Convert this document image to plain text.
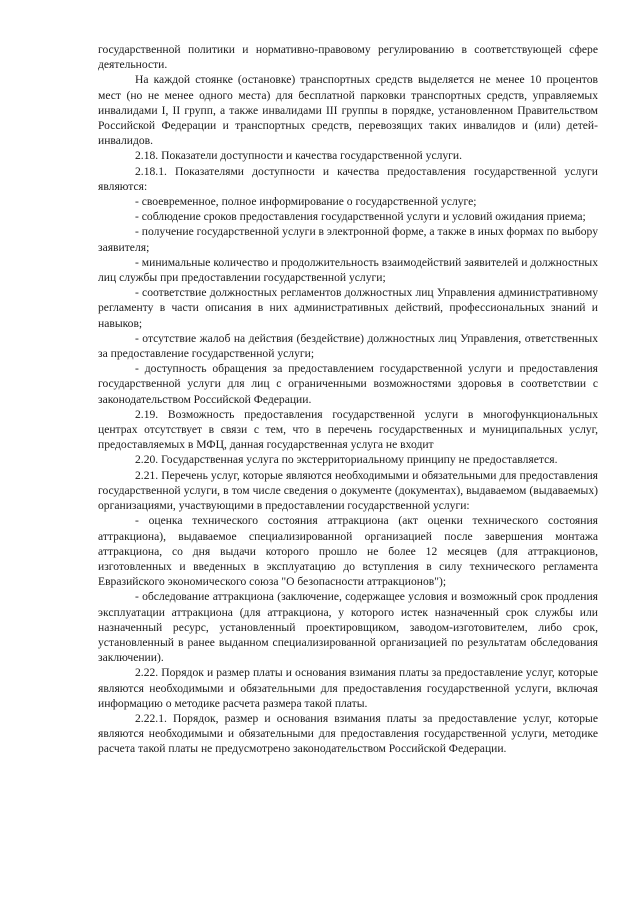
государственной политики и нормативно-правовому регулированию в соответствующей сфере деятельности.

На каждой стоянке (остановке) транспортных средств выделяется не менее 10 процентов мест (но не менее одного места) для бесплатной парковки транспортных средств, управляемых инвалидами I, II групп, а также инвалидами III группы в порядке, установленном Правительством Российской Федерации и транспортных средств, перевозящих таких инвалидов и (или) детей-инвалидов.

2.18. Показатели доступности и качества государственной услуги.

2.18.1. Показателями доступности и качества предоставления государственной услуги являются:

- своевременное, полное информирование о государственной услуге;

- соблюдение сроков предоставления государственной услуги и условий ожидания приема;

- получение государственной услуги в электронной форме, а также в иных формах по выбору заявителя;

- минимальные количество и продолжительность взаимодействий заявителей и должностных лиц службы при предоставлении государственной услуги;

- соответствие должностных регламентов должностных лиц Управления административному регламенту в части описания в них административных действий, профессиональных знаний и навыков;

- отсутствие жалоб на действия (бездействие) должностных лиц Управления, ответственных за предоставление государственной услуги;

- доступность обращения за предоставлением государственной услуги и предоставления государственной услуги для лиц с ограниченными возможностями здоровья в соответствии с законодательством Российской Федерации.

2.19. Возможность предоставления государственной услуги в многофункциональных центрах отсутствует в связи с тем, что в перечень государственных и муниципальных услуг, предоставляемых в МФЦ, данная государственная услуга не входит

2.20. Государственная услуга по экстерриториальному принципу не предоставляется.

2.21. Перечень услуг, которые являются необходимыми и обязательными для предоставления государственной услуги, в том числе сведения о документе (документах), выдаваемом (выдаваемых) организациями, участвующими в предоставлении государственной услуги:

- оценка технического состояния аттракциона (акт оценки технического состояния аттракциона), выдаваемое специализированной организацией после завершения монтажа аттракциона, со дня выдачи которого прошло не более 12 месяцев (для аттракционов, изготовленных и введенных в эксплуатацию до вступления в силу технического регламента Евразийского экономического союза "О безопасности аттракционов");

- обследование аттракциона (заключение, содержащее условия и возможный срок продления эксплуатации аттракциона (для аттракциона, у которого истек назначенный срок службы или назначенный ресурс, установленный проектировщиком, заводом-изготовителем, либо срок, установленный в ранее выданном специализированной организацией по результатам обследования заключении).

2.22. Порядок и размер платы и основания взимания платы за предоставление услуг, которые являются необходимыми и обязательными для предоставления государственной услуги, включая информацию о методике расчета размера такой платы.

2.22.1. Порядок, размер и основания взимания платы за предоставление услуг, которые являются необходимыми и обязательными для предоставления государственной услуги, методике расчета такой платы не предусмотрено законодательством Российской Федерации.
